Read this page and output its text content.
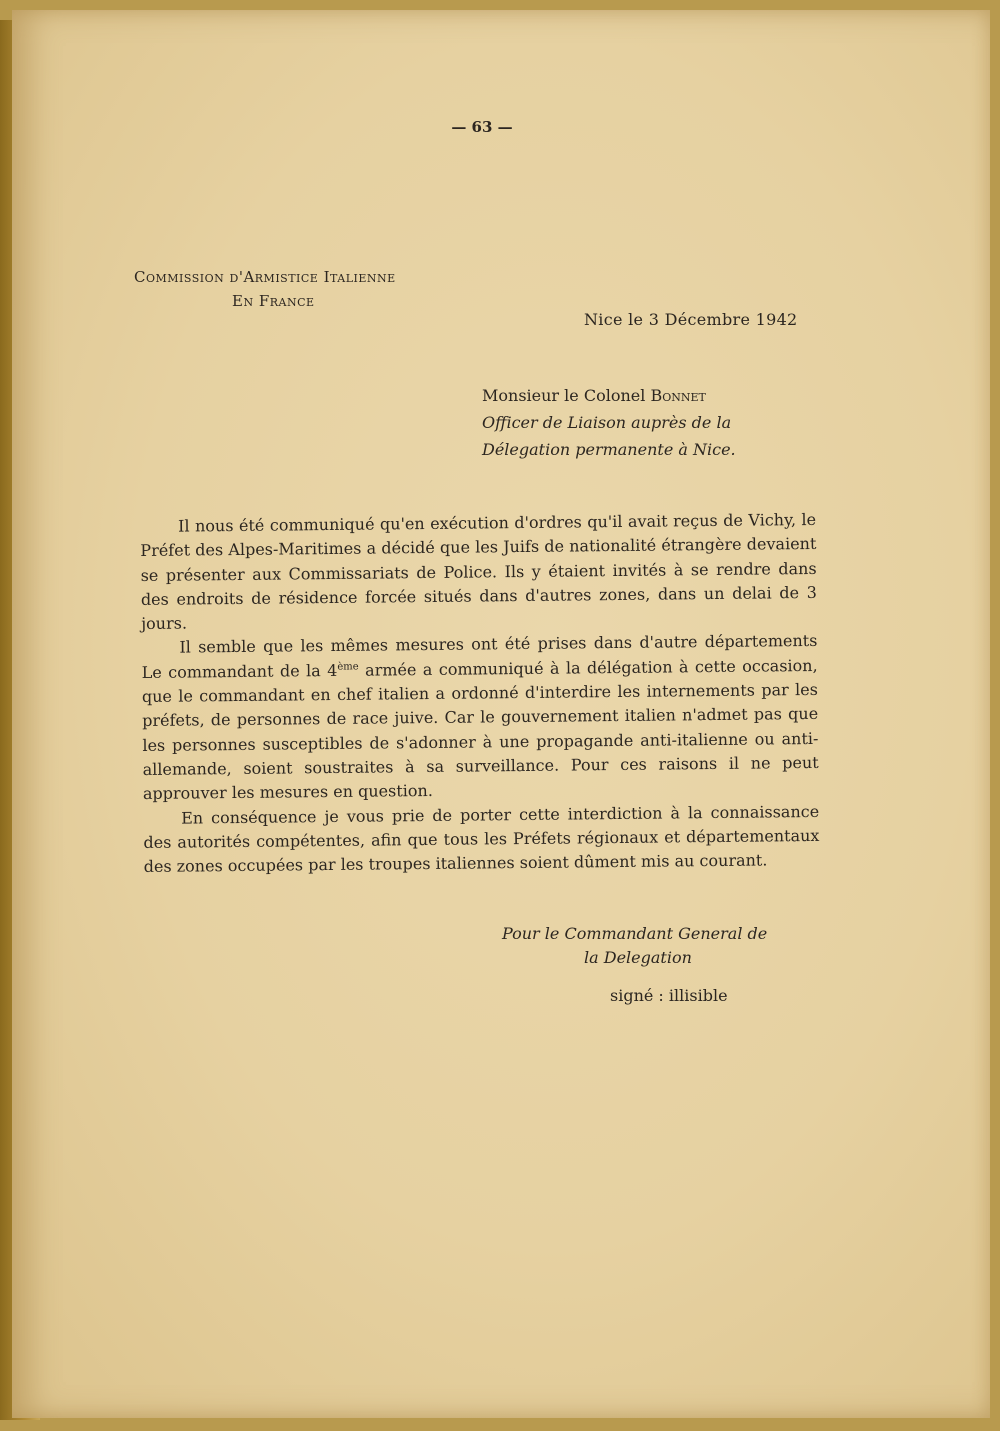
— 63 —
Commission d'Armistice Italienne
En France
Nice le 3 Décembre 1942
Monsieur le Colonel Bonnet
Officer de Liaison auprès de la
Délegation permanente à Nice.

Il nous été communiqué qu'en exécution d'ordres qu'il avait reçus de Vichy, le Préfet des Alpes-Maritimes a décidé que les Juifs de nationalité étrangère devaient se présenter aux Commissariats de Police. Ils y étaient invités à se rendre dans des endroits de résidence forcée situés dans d'autres zones, dans un delai de 3 jours.

Il semble que les mêmes mesures ont été prises dans d'autre départements Le commandant de la 4ème armée a communiqué à la délégation à cette occasion, que le commandant en chef italien a ordonné d'interdire les internements par les préfets, de personnes de race juive. Car le gouvernement italien n'admet pas que les personnes susceptibles de s'adonner à une propagande anti-italienne ou anti-allemande, soient soustraites à sa surveillance. Pour ces raisons il ne peut approuver les mesures en question.

En conséquence je vous prie de porter cette interdiction à la connaissance des autorités compétentes, afin que tous les Préfets régionaux et départementaux des zones occupées par les troupes italiennes soient dûment mis au courant.

Pour le Commandant General de
la Delegation
signé : illisible
